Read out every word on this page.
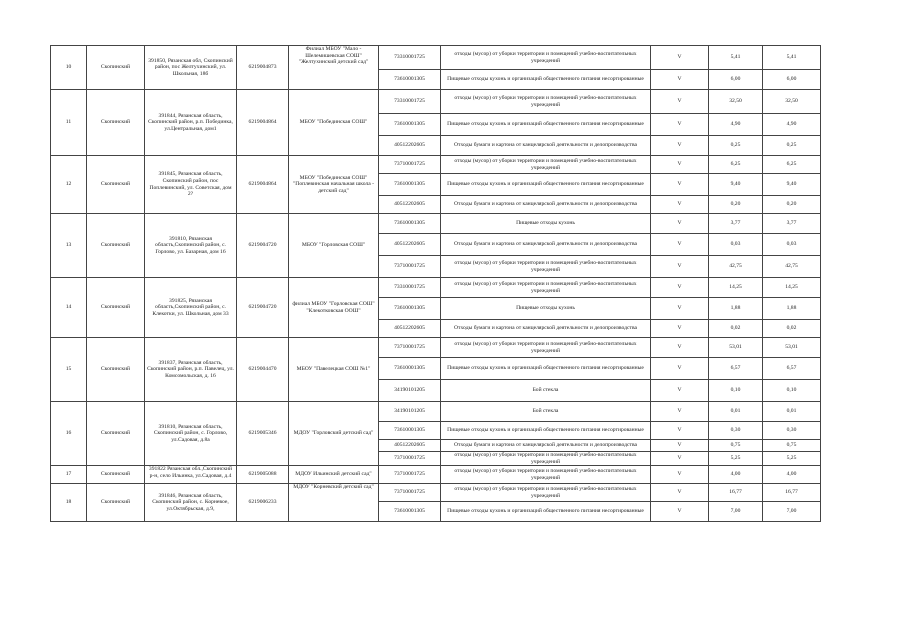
10	Скопинский	391850, Рязанская обл, Скопинский район, пос Желтухинский, ул. Школьная, 18б	6219004873	Филиал МБОУ "Мало - Шелемишевская СОШ" "Желтухинский детский сад"	73310001725	отходы (мусор) от уборки территории и помещений учебно-воспитательных учреждений	V	5,41	5,41
					73610001305	Пищевые отходы кухонь и организаций общественного питания несортированные	V	6,00	6,00
11	Скопинский	391844, Рязанская область, Скопинский район, р.п. Побединка, ул.Центральная, дом1	6219004864	МБОУ "Побединская СОШ"	73310001725	отходы (мусор) от уборки территории и помещений учебно-воспитательных учреждений	V	32,50	32,50
					73610001305	Пищевые отходы кухонь и организаций общественного питания несортированные	V	4,90	4,90
					40512202605	Отходы бумаги и картона от канцелярской деятельности и делопроизводства	V	0,25	0,25
12	Скопинский	391845, Рязанская область, Скопинский район, пос Поплевинский, ул. Советская, дом 2?	6219004864	МБОУ "Побединская СОШ" "Поплевинская начальная школа - детский сад"	73710001725	отходы (мусор) от уборки территории и помещений учебно-воспитательных учреждений	V	6,25	6,25
					73610001305	Пищевые отходы кухонь и организаций общественного питания несортированные	V	9,40	9,40
					40512202605	Отходы бумаги и картона от канцелярской деятельности и делопроизводства	V	0,20	0,20
13	Скопинский	391810, Рязанская область,Скопинский район, с. Горлово, ул. Базарная, дом 16	6219004720	МБОУ "Горловская СОШ"	73610001305	Пищевые отходы кухонь	V	3,77	3,77
					40512202605	Отходы бумаги и картона от канцелярской деятельности и делопроизводства	V	0,03	0,03
					73710001725	отходы (мусор) от уборки территории и помещений учебно-воспитательных учреждений	V	42,75	42,75
14	Скопинский	391825, Рязанская область,Скопинский район, с. Клекотки, ул. Школьная, дом 33	6219004720	филиал МБОУ "Горловская СОШ" "Клекотковская ООШ"	73310001725	отходы (мусор) от уборки территории и помещений учебно-воспитательных учреждений	V	14,25	14,25
					73610001305	Пищевые отходы кухонь	V	1,88	1,88
					40512202605	Отходы бумаги и картона от канцелярской деятельности и делопроизводства	V	0,02	0,02
15	Скопинский	391837, Рязанская область, Скопинский район, р.п. Павелец, ул. Комсомольская, д. 16	6219004470	МБОУ "Павелецкая СОШ №1"	73710001725	отходы (мусор) от уборки территории и помещений учебно-воспитательных учреждений	V	53,01	53,01
					73610001305	Пищевые отходы кухонь и организаций общественного питания несортированные	V	6,57	6,57
					34190101205	Бой стекла	V	0,10	0,10
16	Скопинский	391810, Рязанская область, Скопинский район, с. Горлово, ул.Садовая, д.8а	6219005346	МДОУ "Горловский детский сад"	34190101205	Бой стекла	V	0,01	0,01
					73610001305	Пищевые отходы кухонь и организаций общественного питания несортированные	V	0,30	0,30
					40512202605	Отходы бумаги и картона от канцелярской деятельности и делопроизводства	V	0,75	0,75
					73710001725	отходы (мусор) от уборки территории и помещений учебно-воспитательных учреждений	V	5,25	5,25
17	Скопинский	391822 Рязанская обл.,Скопинский р-н, село Ильинка, ул.Садовая, д.4	6219005088	МДОУ Ильинский детский сад"	73710001725	отходы (мусор) от уборки территории и помещений учебно-воспитательных учреждений	V	4,00	4,00
18	Скопинский	391846, Рязанская область, Скопинский район, с. Корневое, ул.Октябрьская, д.9,	6219006233	МДОУ "Корневский детский сад"	73710001725	отходы (мусор) от уборки территории и помещений учебно-воспитательных учреждений	V	16,77	16,77
					73610001305	Пищевые отходы кухонь и организаций общественного питания несортированные	V	7,00	7,00
